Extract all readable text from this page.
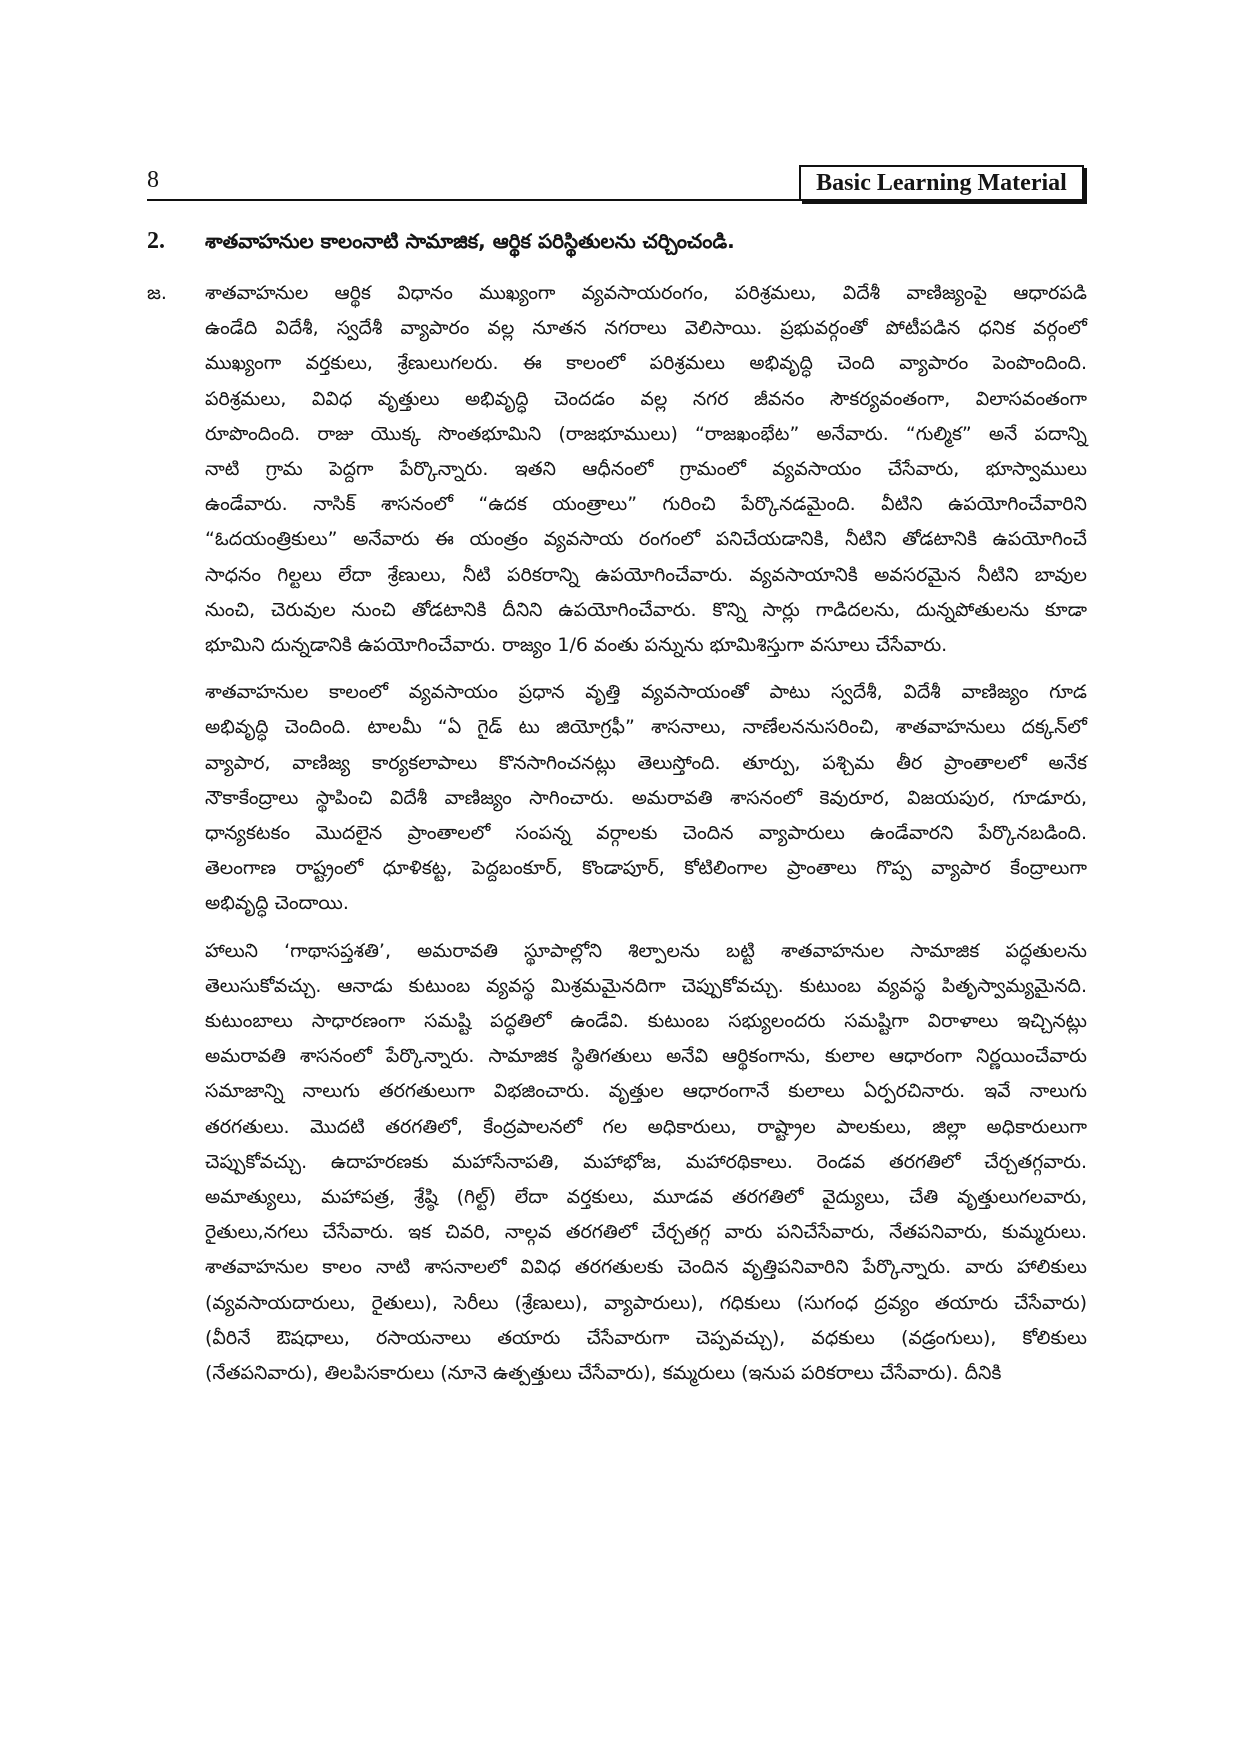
8	Basic Learning Material
2.	శాతవాహనుల కాలంనాటి సామాజిక, ఆర్థిక పరిస్థితులను చర్చించండి.
జ.	శాతవాహనుల ఆర్థిక విధానం ముఖ్యంగా వ్యవసాయరంగం, పరిశ్రమలు, విదేశీ వాణిజ్యంపై ఆధారపడి
ఉండేది విదేశీ, స్వదేశీ వ్యాపారం వల్ల నూతన నగరాలు వెలిసాయి. ప్రభువర్గంతో పోటీపడిన ధనిక వర్గంలో
ముఖ్యంగా వర్తకులు, శ్రేణులుగలరు. ఈ కాలంలో పరిశ్రమలు అభివృద్ధి చెంది వ్యాపారం పెంపొందింది.
పరిశ్రమలు, వివిధ వృత్తులు అభివృద్ధి చెందడం వల్ల నగర జీవనం సౌకర్యవంతంగా, విలాసవంతంగా
రూపొందింది. రాజు యొక్క సొంతభూమిని (రాజభూములు) “రాజఖంభేట” అనేవారు. “గుల్మిక” అనే పదాన్ని
నాటి గ్రామ పెద్దగా పేర్కొన్నారు. ఇతని ఆధీనంలో గ్రామంలో వ్యవసాయం చేసేవారు, భూస్వాములు
ఉండేవారు. నాసిక్ శాసనంలో “ఉదక యంత్రాలు” గురించి పేర్కొనడమైంది. వీటిని ఉపయోగించేవారిని
“ఓదయంత్రికులు” అనేవారు ఈ యంత్రం వ్యవసాయ రంగంలో పనిచేయడానికి, నీటిని తోడటానికి ఉపయోగించే
సాధనం గిల్టలు లేదా శ్రేణులు, నీటి పరికరాన్ని ఉపయోగించేవారు. వ్యవసాయానికి అవసరమైన నీటిని బావుల
నుంచి, చెరువుల నుంచి తోడటానికి దీనిని ఉపయోగించేవారు. కొన్ని సార్లు గాడిదలను, దున్నపోతులను కూడా
భూమిని దున్నడానికి ఉపయోగించేవారు. రాజ్యం 1/6 వంతు పన్నును భూమిశిస్తుగా వసూలు చేసేవారు.
శాతవాహనుల కాలంలో వ్యవసాయం ప్రధాన వృత్తి వ్యవసాయంతో పాటు స్వదేశీ, విదేశీ వాణిజ్యం గూడ
అభివృద్ధి చెందింది. టాలమీ “ఏ గైడ్ టు జియోగ్రఫీ” శాసనాలు, నాణేలననుసరించి, శాతవాహనులు దక్కన్‌లో
వ్యాపార, వాణిజ్య కార్యకలాపాలు కొనసాగించనట్లు తెలుస్తోంది. తూర్పు, పశ్చిమ తీర ప్రాంతాలలో అనేక
నౌకాకేంద్రాలు స్థాపించి విదేశీ వాణిజ్యం సాగించారు. అమరావతి శాసనంలో కెవురూర, విజయపుర, గూడూరు,
ధాన్యకటకం మొదలైన ప్రాంతాలలో సంపన్న వర్గాలకు చెందిన వ్యాపారులు ఉండేవారని పేర్కొనబడింది.
తెలంగాణ రాష్ట్రంలో ధూళికట్ట, పెద్దబంకూర్, కొండాపూర్, కోటిలింగాల ప్రాంతాలు గొప్ప వ్యాపార కేంద్రాలుగా
అభివృద్ధి చెందాయి.
హాలుని ‘గాథాసప్తశతి’, అమరావతి స్థూపాల్లోని శిల్పాలను బట్టి శాతవాహనుల సామాజిక పద్ధతులను
తెలుసుకోవచ్చు. ఆనాడు కుటుంబ వ్యవస్థ మిశ్రమమైనదిగా చెప్పుకోవచ్చు. కుటుంబ వ్యవస్థ పితృస్వామ్యమైనది.
కుటుంబాలు సాధారణంగా సమష్టి పద్ధతిలో ఉండేవి. కుటుంబ సభ్యులందరు సమష్టిగా విరాళాలు ఇచ్చినట్లు
అమరావతి శాసనంలో పేర్కొన్నారు. సామాజిక స్థితిగతులు అనేవి ఆర్థికంగాను, కులాల ఆధారంగా నిర్ణయించేవారు
సమాజాన్ని నాలుగు తరగతులుగా విభజించారు. వృత్తుల ఆధారంగానే కులాలు ఏర్పరచినారు. ఇవే నాలుగు
తరగతులు. మొదటి తరగతిలో, కేంద్రపాలనలో గల అధికారులు, రాష్ట్రాల పాలకులు, జిల్లా అధికారులుగా
చెప్పుకోవచ్చు. ఉదాహరణకు మహాసేనాపతి, మహాభోజ, మహారథికాలు. రెండవ తరగతిలో చేర్చతగ్గవారు.
అమాత్యులు, మహాపత్ర, శ్రేష్ఠి (గిల్ట్) లేదా వర్తకులు, మూడవ తరగతిలో వైద్యులు, చేతి వృత్తులుగలవారు,
రైతులు,నగలు చేసేవారు. ఇక చివరి, నాల్గవ తరగతిలో చేర్చతగ్గ వారు పనిచేసేవారు, నేతపనివారు, కుమ్మరులు.
శాతవాహనుల కాలం నాటి శాసనాలలో వివిధ తరగతులకు చెందిన వృత్తిపనివారిని పేర్కొన్నారు. వారు హాలికులు
(వ్యవసాయదారులు, రైతులు), సెరీలు (శ్రేణులు), వ్యాపారులు), గధికులు (సుగంధ ద్రవ్యం తయారు చేసేవారు)
(వీరినే ఔషధాలు, రసాయనాలు తయారు చేసేవారుగా చెప్పవచ్చు), వధకులు (వడ్రంగులు), కోలికులు
(నేతపనివారు), తిలపిసకారులు (నూనె ఉత్పత్తులు చేసేవారు), కమ్మరులు (ఇనుప పరికరాలు చేసేవారు). దీనికి
